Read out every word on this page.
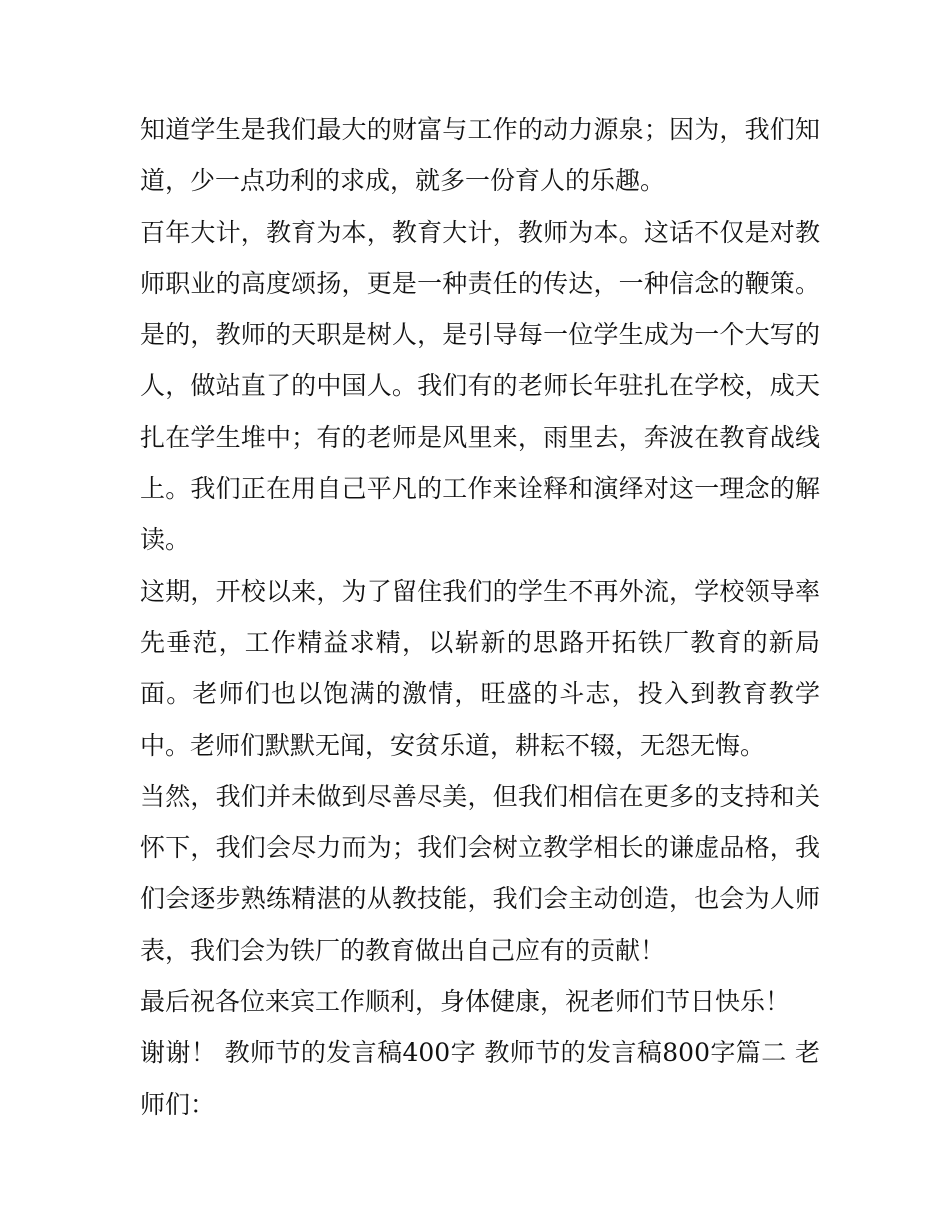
知道学生是我们最大的财富与工作的动力源泉；因为，我们知道，少一点功利的求成，就多一份育人的乐趣。

百年大计，教育为本，教育大计，教师为本。这话不仅是对教师职业的高度颂扬，更是一种责任的传达，一种信念的鞭策。是的，教师的天职是树人，是引导每一位学生成为一个大写的人，做站直了的中国人。我们有的老师长年驻扎在学校，成天扎在学生堆中；有的老师是风里来，雨里去，奔波在教育战线上。我们正在用自己平凡的工作来诠释和演绎对这一理念的解读。

这期，开校以来，为了留住我们的学生不再外流，学校领导率先垂范，工作精益求精，以崭新的思路开拓铁厂教育的新局面。老师们也以饱满的激情，旺盛的斗志，投入到教育教学中。老师们默默无闻，安贫乐道，耕耘不辍，无怨无悔。

当然，我们并未做到尽善尽美，但我们相信在更多的支持和关怀下，我们会尽力而为；我们会树立教学相长的谦虚品格，我们会逐步熟练精湛的从教技能，我们会主动创造，也会为人师表，我们会为铁厂的教育做出自己应有的贡献！

最后祝各位来宾工作顺利，身体健康，祝老师们节日快乐！

谢谢！ 教师节的发言稿400字 教师节的发言稿800字篇二 老师们：
